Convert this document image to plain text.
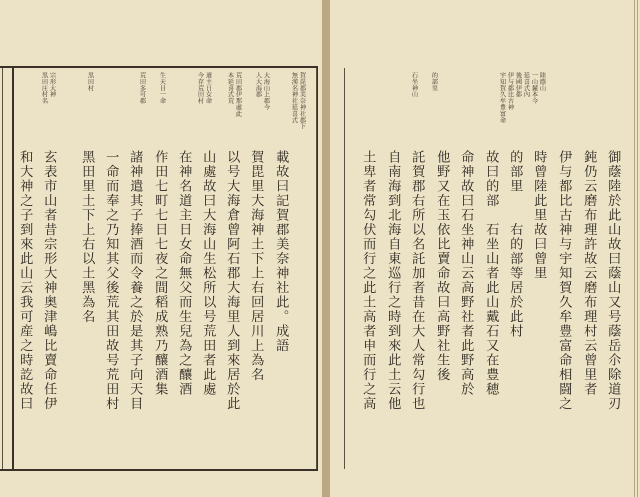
載故曰記賀郡美奈神社此。成語
賀毘里大海神土下上右回居川上為名
以号大海倉曾阿石郡大海里人到來居於此
山處故曰大海山生松所以号荒田者此處
在神名道主日女命無父而生兒為之釀酒
作田七町七日七夜之間稻成熟乃釀酒集
諸神遣其子捧酒而令養之於是其子向天目
一命而奉之乃知其父後荒其田故号荒田村
黑田里土下上右以土黑為名
玄表市山者昔宗形大神奥津嶋比賣命任伊
和大神之子到來此山云我可産之時訖故曰
賀毘郡美奈神社郡下
無漢名神社延喜式
大海山上郡今
人大海郡
荒田郡伊那處此
本延喜式荒
道主日女命
今存荒田村
生天目一命
荒田多可郡
黒田村
宗形大神
黒田庄村名
御蔭陸於此山故曰蔭山又号蔭岳尒除道刃
鈍仍云磨布理許故云磨布理村云曾里者
伊与都比古神与宇知賀久牟豊富命相闘之
時曾陸此里故曰曾里
的部里　　右的部等居於此村
故曰的部　石坐山者此山戴石又在豊穂
命神故曰石坐神山云高野社者此野高於
他野又在玉依比賣命故曰高野社生後
託賀郡右所以名託加者昔在大人常勾行也
自南海到北海自東巡行之時到來此土云他
土卑者常勾伏而行之此土高者申而行之高
陸蔭山
一山麓本今
延喜式內
後國伊都
伊与都比古神
宇知賀久牟豊富命
的部里
石坐神山
